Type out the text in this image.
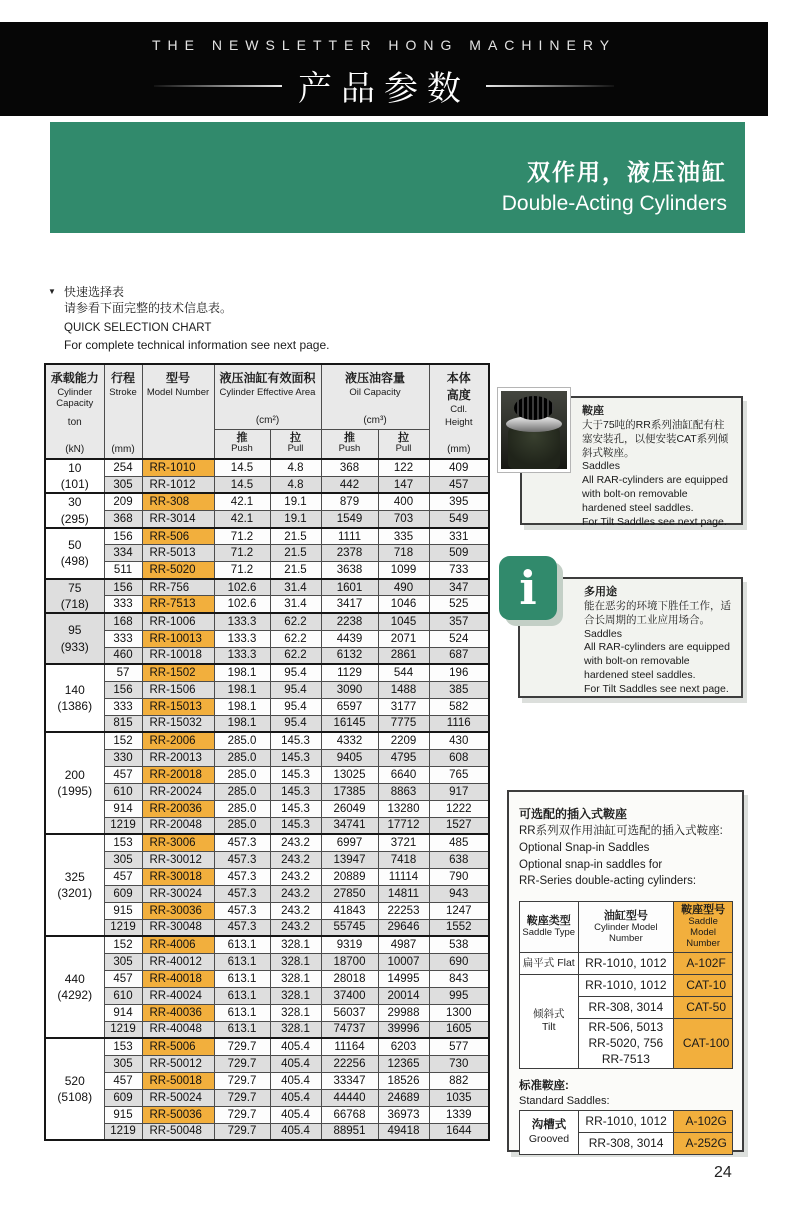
THE NEWSLETTER HONG MACHINERY
产品参数
双作用，液压油缸
Double-Acting Cylinders
▼ 快速选择表
请参看下面完整的技术信息表。
QUICK SELECTION CHART
For complete technical information see next page.
承载能力
Cylinder Capacity
ton
(kN)

行程
Stroke
(mm)

型号
Model Number

液压油缸有效面积
Cylinder Effective Area
(cm²)

液压油容量
Oil Capacity
(cm³)

本体
高度
Cdl.
Height
(mm)

推
Push

拉
Pull

推
Push

拉
Pull

10
(101)	254	RR-1010	14.5	4.8	368	122	409
	305	RR-1012	14.5	4.8	442	147	457

30
(295)	209	RR-308	42.1	19.1	879	400	395
	368	RR-3014	42.1	19.1	1549	703	549

50
(498)	156	RR-506	71.2	21.5	1111	335	331
	334	RR-5013	71.2	21.5	2378	718	509
	511	RR-5020	71.2	21.5	3638	1099	733

75
(718)	156	RR-756	102.6	31.4	1601	490	347
	333	RR-7513	102.6	31.4	3417	1046	525

95
(933)	168	RR-1006	133.3	62.2	2238	1045	357
	333	RR-10013	133.3	62.2	4439	2071	524
	460	RR-10018	133.3	62.2	6132	2861	687

140
(1386)	57	RR-1502	198.1	95.4	1129	544	196
	156	RR-1506	198.1	95.4	3090	1488	385
	333	RR-15013	198.1	95.4	6597	3177	582
	815	RR-15032	198.1	95.4	16145	7775	1116

200
(1995)	152	RR-2006	285.0	145.3	4332	2209	430
	330	RR-20013	285.0	145.3	9405	4795	608
	457	RR-20018	285.0	145.3	13025	6640	765
	610	RR-20024	285.0	145.3	17385	8863	917
	914	RR-20036	285.0	145.3	26049	13280	1222
	1219	RR-20048	285.0	145.3	34741	17712	1527

325
(3201)	153	RR-3006	457.3	243.2	6997	3721	485
	305	RR-30012	457.3	243.2	13947	7418	638
	457	RR-30018	457.3	243.2	20889	11114	790
	609	RR-30024	457.3	243.2	27850	14811	943
	915	RR-30036	457.3	243.2	41843	22253	1247
	1219	RR-30048	457.3	243.2	55745	29646	1552

440
(4292)	152	RR-4006	613.1	328.1	9319	4987	538
	305	RR-40012	613.1	328.1	18700	10007	690
	457	RR-40018	613.1	328.1	28018	14995	843
	610	RR-40024	613.1	328.1	37400	20014	995
	914	RR-40036	613.1	328.1	56037	29988	1300
	1219	RR-40048	613.1	328.1	74737	39996	1605

520
(5108)	153	RR-5006	729.7	405.4	11164	6203	577
	305	RR-50012	729.7	405.4	22256	12365	730
	457	RR-50018	729.7	405.4	33347	18526	882
	609	RR-50024	729.7	405.4	44440	24689	1035
	915	RR-50036	729.7	405.4	66768	36973	1339
	1219	RR-50048	729.7	405.4	88951	49418	1644
鞍座
大于75吨的RR系列油缸配有柱塞安装孔，以便安装CAT系列倾斜式鞍座。
Saddles
All RAR-cylinders are equipped with bolt-on removable hardened steel saddles.
For Tilt Saddles see next page.
多用途
能在恶劣的环境下胜任工作，适合长周期的工业应用场合。
Saddles
All RAR-cylinders are equipped with bolt-on removable hardened steel saddles.
For Tilt Saddles see next page.
i
可选配的插入式鞍座
RR系列双作用油缸可选配的插入式鞍座:
Optional Snap-in Saddles
Optional snap-in saddles for
RR-Series double-acting cylinders:
鞍座类型
Saddle Type

油缸型号
Cylinder Model Number

鞍座型号
Saddle Model Number

扁平式 Flat	RR-1010, 1012	A-102F

倾斜式
Tilt	RR-1010, 1012	CAT-10
	RR-308, 3014	CAT-50

	RR-506, 5013
RR-5020, 756
RR-7513	CAT-100
标准鞍座:
Standard Saddles:
沟槽式
Grooved	RR-1010, 1012	A-102G
	RR-308, 3014	A-252G
24
